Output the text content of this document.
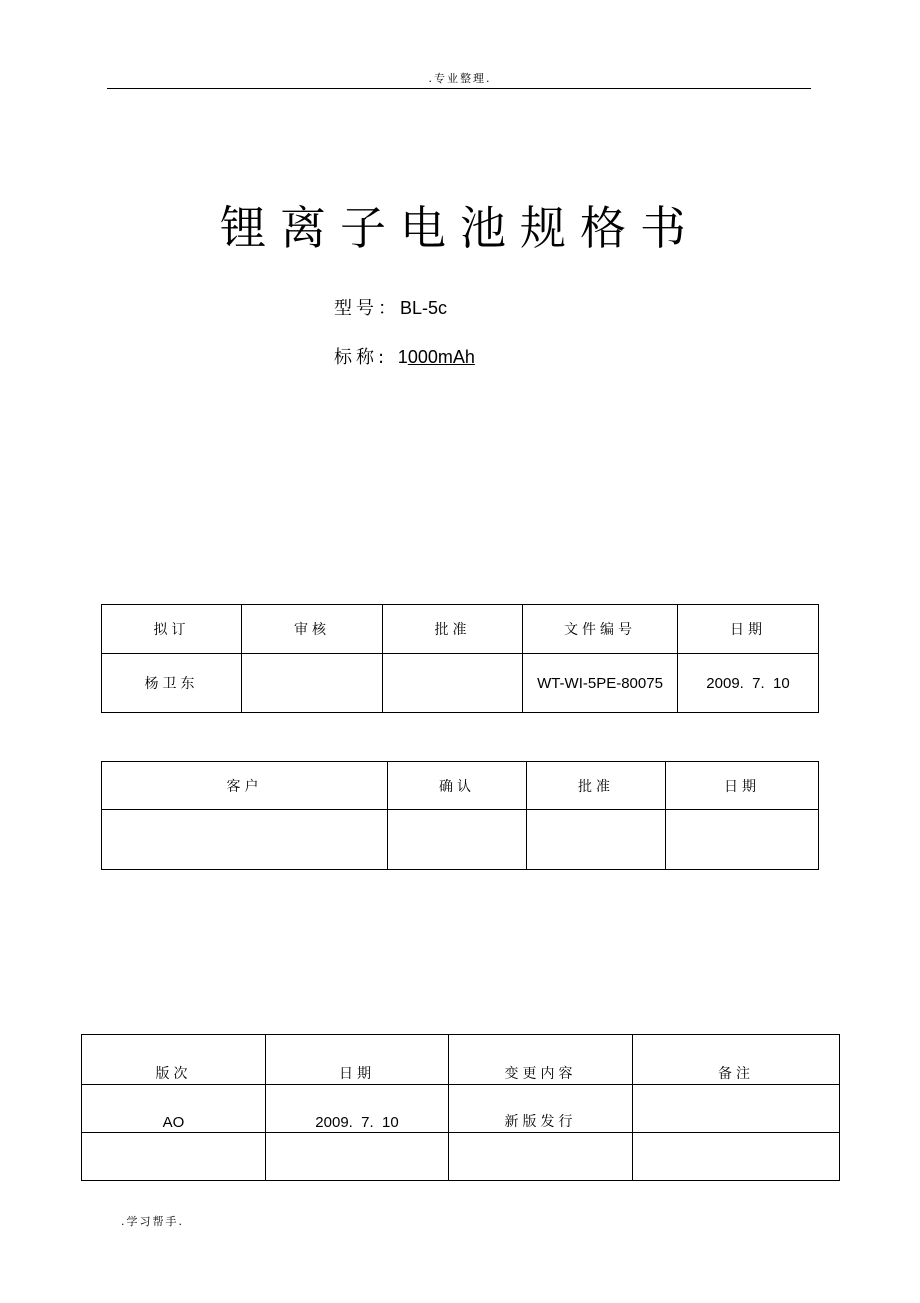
.专业整理.
锂离子电池规格书
型号：BL-5c
标称: 1000mAh
拟订	审核	批准	文件编号	日期
杨卫东			WT-WI-5PE-80075	2009.  7.  10
客户	确认	批准	日期

版次	日期	变更内容	备注
AO	2009.  7.  10	新版发行	

.学习帮手.
